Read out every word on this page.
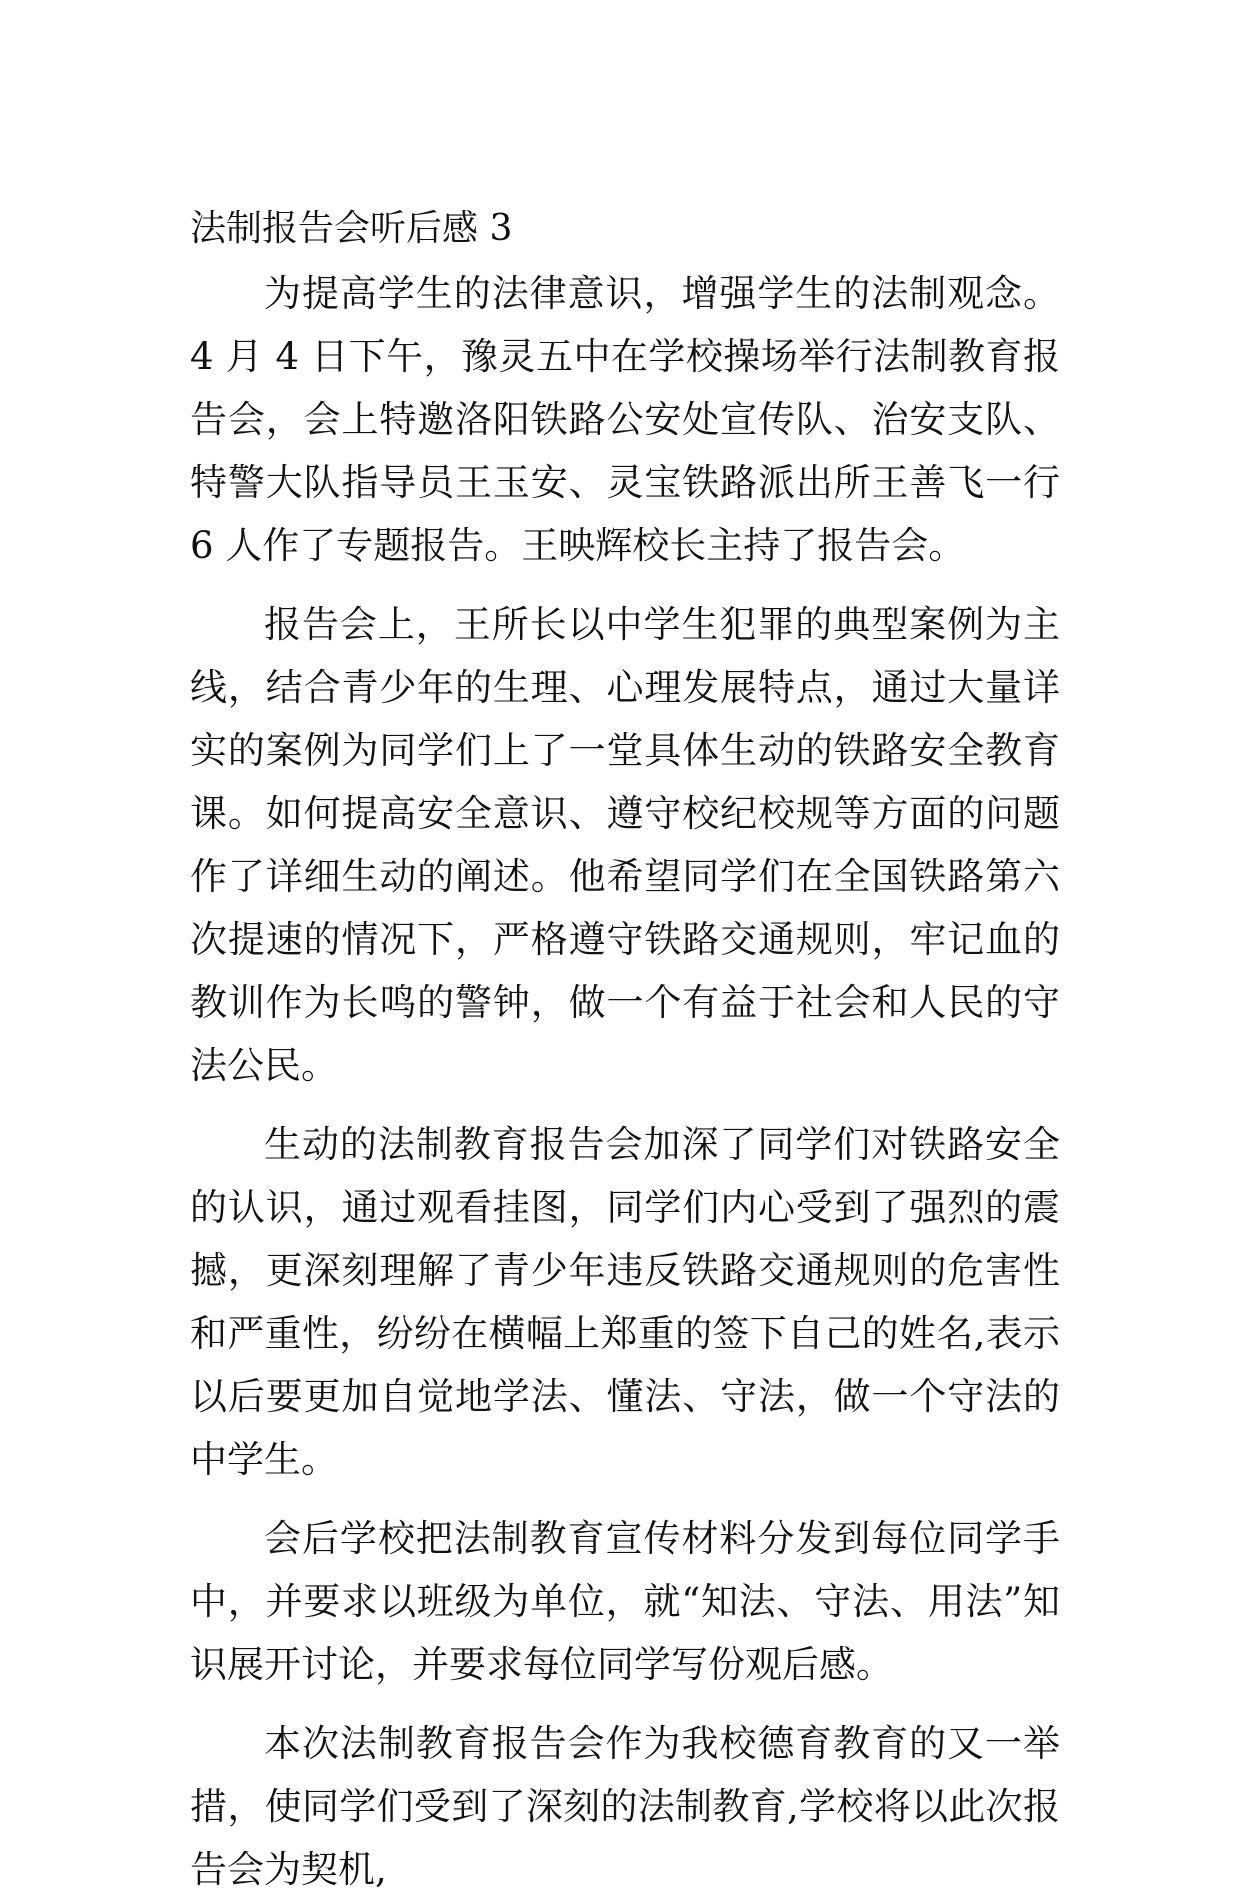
法制报告会听后感 3

为提高学生的法律意识，增强学生的法制观念。4 月 4 日下午，豫灵五中在学校操场举行法制教育报告会，会上特邀洛阳铁路公安处宣传队、治安支队、特警大队指导员王玉安、灵宝铁路派出所王善飞一行 6 人作了专题报告。王映辉校长主持了报告会。

报告会上，王所长以中学生犯罪的典型案例为主线，结合青少年的生理、心理发展特点，通过大量详实的案例为同学们上了一堂具体生动的铁路安全教育课。如何提高安全意识、遵守校纪校规等方面的问题作了详细生动的阐述。他希望同学们在全国铁路第六次提速的情况下，严格遵守铁路交通规则，牢记血的教训作为长鸣的警钟，做一个有益于社会和人民的守法公民。

生动的法制教育报告会加深了同学们对铁路安全的认识，通过观看挂图，同学们内心受到了强烈的震撼，更深刻理解了青少年违反铁路交通规则的危害性和严重性，纷纷在横幅上郑重的签下自己的姓名,表示以后要更加自觉地学法、懂法、守法，做一个守法的中学生。

会后学校把法制教育宣传材料分发到每位同学手中，并要求以班级为单位，就“知法、守法、用法”知识展开讨论，并要求每位同学写份观后感。

本次法制教育报告会作为我校德育教育的又一举措，使同学们受到了深刻的法制教育,学校将以此次报告会为契机,
